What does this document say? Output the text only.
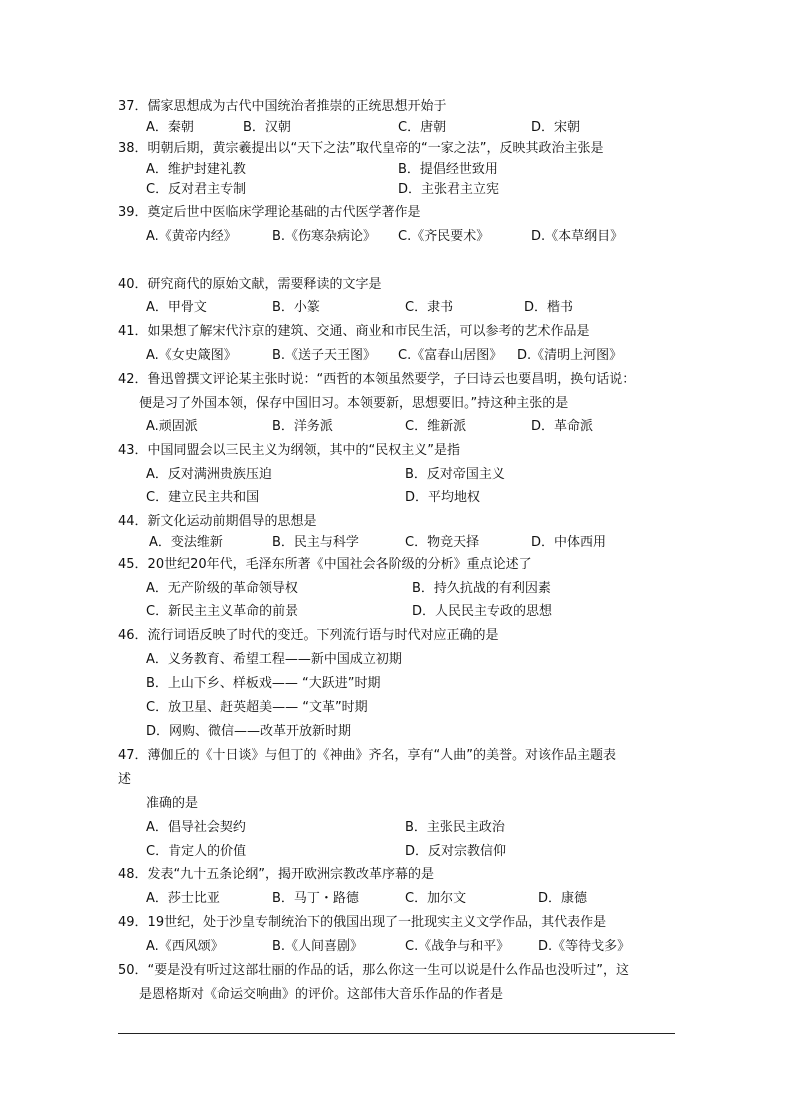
37．儒家思想成为古代中国统治者推崇的正统思想开始于
A．秦朝	B．汉朝	C．唐朝	D．宋朝
38．明朝后期，黄宗羲提出以“天下之法”取代皇帝的“一家之法”，反映其政治主张是
A．维护封建礼教	B．提倡经世致用
C．反对君主专制	D．主张君主立宪
39．奠定后世中医临床学理论基础的古代医学著作是
A.《黄帝内经》	B.《伤寒杂病论》 C.《齐民要术》	D.《本草纲目》
40．研究商代的原始文献，需要释读的文字是
A．甲骨文	B．小篆	C．隶书	D．楷书
41．如果想了解宋代汴京的建筑、交通、商业和市民生活，可以参考的艺术作品是
A.《女史箴图》	B.《送子天王图》 C.《富春山居图》 D.《清明上河图》
42．鲁迅曾撰文评论某主张时说：“西哲的本领虽然要学，子曰诗云也要昌明，换句话说：
便是习了外国本领，保存中国旧习。本领要新，思想要旧。”持这种主张的是
A.顽固派	B．洋务派	C．维新派	D．革命派
43．中国同盟会以三民主义为纲领，其中的“民权主义”是指
A．反对满洲贵族压迫	B．反对帝国主义
C．建立民主共和国	D．平均地权
44．新文化运动前期倡导的思想是
A．变法维新	B．民主与科学	C．物竞天择	D．中体西用
45．20世纪20年代，毛泽东所著《中国社会各阶级的分析》重点论述了
A．无产阶级的革命领导权	B．持久抗战的有利因素
C．新民主主义革命的前景	D．人民民主专政的思想
46．流行词语反映了时代的变迁。下列流行语与时代对应正确的是
A．义务教育、希望工程——新中国成立初期
B．上山下乡、样板戏—— “大跃进”时期
C．放卫星、赶英超美—— “文革”时期
D．网购、微信——改革开放新时期
47．薄伽丘的《十日谈》与但丁的《神曲》齐名，享有“人曲”的美誉。对该作品主题表
述
准确的是
A．倡导社会契约	B．主张民主政治
C．肯定人的价值	D．反对宗教信仰
48．发表“九十五条论纲”，揭开欧洲宗教改革序幕的是
A．莎士比亚	B．马丁・路德	C．加尔文	D．康德
49．19世纪，处于沙皇专制统治下的俄国出现了一批现实主义文学作品，其代表作是
A.《西风颂》	B.《人间喜剧》	C.《战争与和平》 D.《等待戈多》
50．“要是没有听过这部壮丽的作品的话，那么你这一生可以说是什么作品也没听过”，这
是恩格斯对《命运交响曲》的评价。这部伟大音乐作品的作者是
